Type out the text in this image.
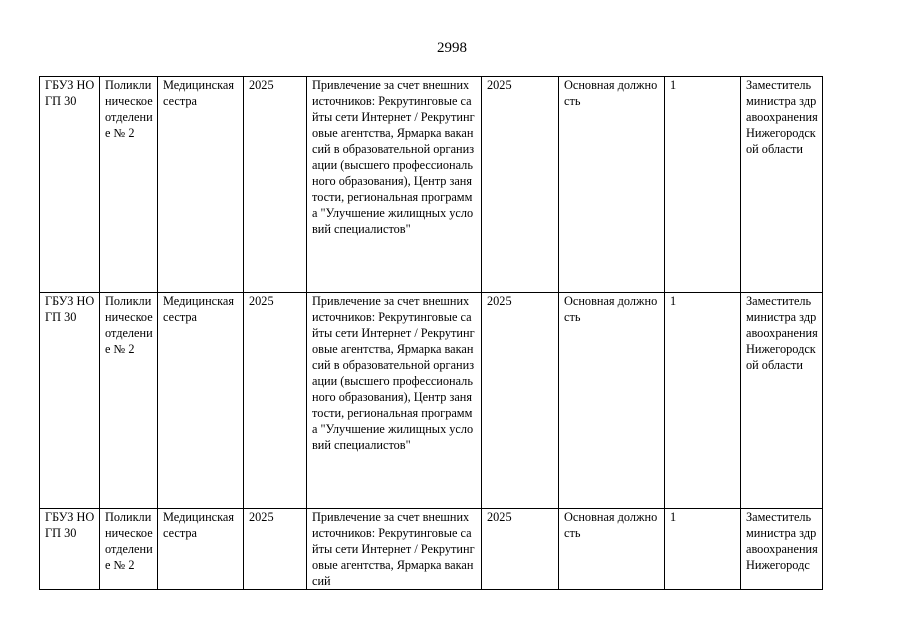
2998
ГБУЗ НО ГП 30	Поликлиническое отделение № 2	Медицинская сестра	2025	Привлечение за счет внешних источников: Рекрутинговые сайты сети Интернет / Рекрутинговые агентства, Ярмарка вакансий в образовательной организации (высшего профессионального образования), Центр занятости, региональная программа "Улучшение жилищных условий специалистов"	2025	Основная должность	1	Заместитель министра здравоохранения Нижегородской области
ГБУЗ НО ГП 30	Поликлиническое отделение № 2	Медицинская сестра	2025	Привлечение за счет внешних источников: Рекрутинговые сайты сети Интернет / Рекрутинговые агентства, Ярмарка вакансий в образовательной организации (высшего профессионального образования), Центр занятости, региональная программа "Улучшение жилищных условий специалистов"	2025	Основная должность	1	Заместитель министра здравоохранения Нижегородской области
ГБУЗ НО ГП 30	Поликлиническое отделение № 2	Медицинская сестра	2025	Привлечение за счет внешних источников: Рекрутинговые сайты сети Интернет / Рекрутинговые агентства, Ярмарка вакансий	2025	Основная должность	1	Заместитель министра здравоохранения Нижегородс
